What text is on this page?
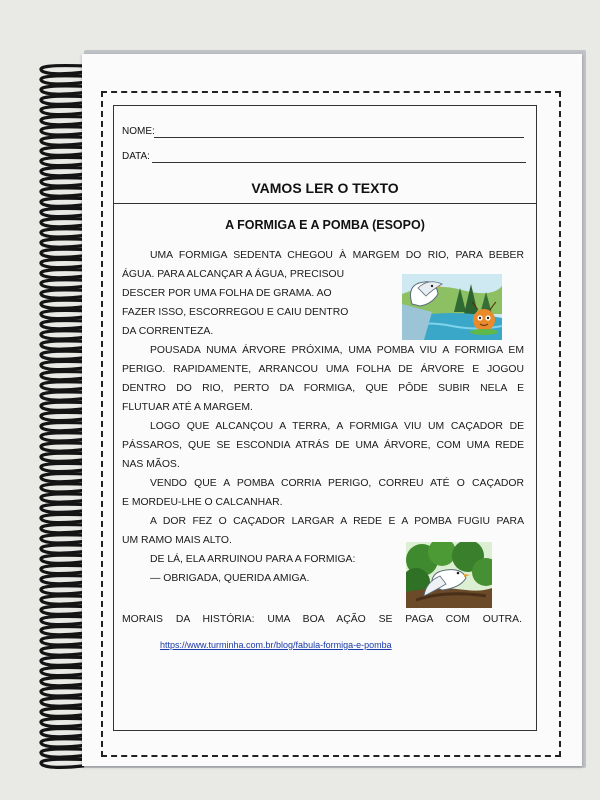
NOME:
DATA:
VAMOS LER O TEXTO
A FORMIGA E A POMBA (ESOPO)
UMA FORMIGA SEDENTA CHEGOU À MARGEM DO RIO, PARA BEBER
ÁGUA. PARA ALCANÇAR A ÁGUA, PRECISOU
DESCER POR UMA FOLHA DE GRAMA. AO
FAZER ISSO, ESCORREGOU E CAIU DENTRO
DA CORRENTEZA.
POUSADA NUMA ÁRVORE PRÓXIMA, UMA POMBA VIU A FORMIGA EM
PERIGO. RAPIDAMENTE, ARRANCOU UMA FOLHA DE ÁRVORE E JOGOU
DENTRO DO RIO, PERTO DA FORMIGA, QUE PÔDE SUBIR NELA E
FLUTUAR ATÉ A MARGEM.
LOGO QUE ALCANÇOU A TERRA, A FORMIGA VIU UM CAÇADOR DE
PÁSSAROS, QUE SE ESCONDIA ATRÁS DE UMA ÁRVORE, COM UMA REDE
NAS MÃOS.
VENDO QUE A POMBA CORRIA PERIGO, CORREU ATÉ O CAÇADOR
E MORDEU-LHE O CALCANHAR.
A DOR FEZ O CAÇADOR LARGAR A REDE E A POMBA FUGIU PARA
UM RAMO MAIS ALTO.
DE LÁ, ELA ARRUINOU PARA A FORMIGA:
— OBRIGADA, QUERIDA AMIGA.
MORAIS DA HISTÓRIA: UMA BOA AÇÃO SE PAGA COM OUTRA.
https://www.turminha.com.br/blog/fabula-formiga-e-pomba
